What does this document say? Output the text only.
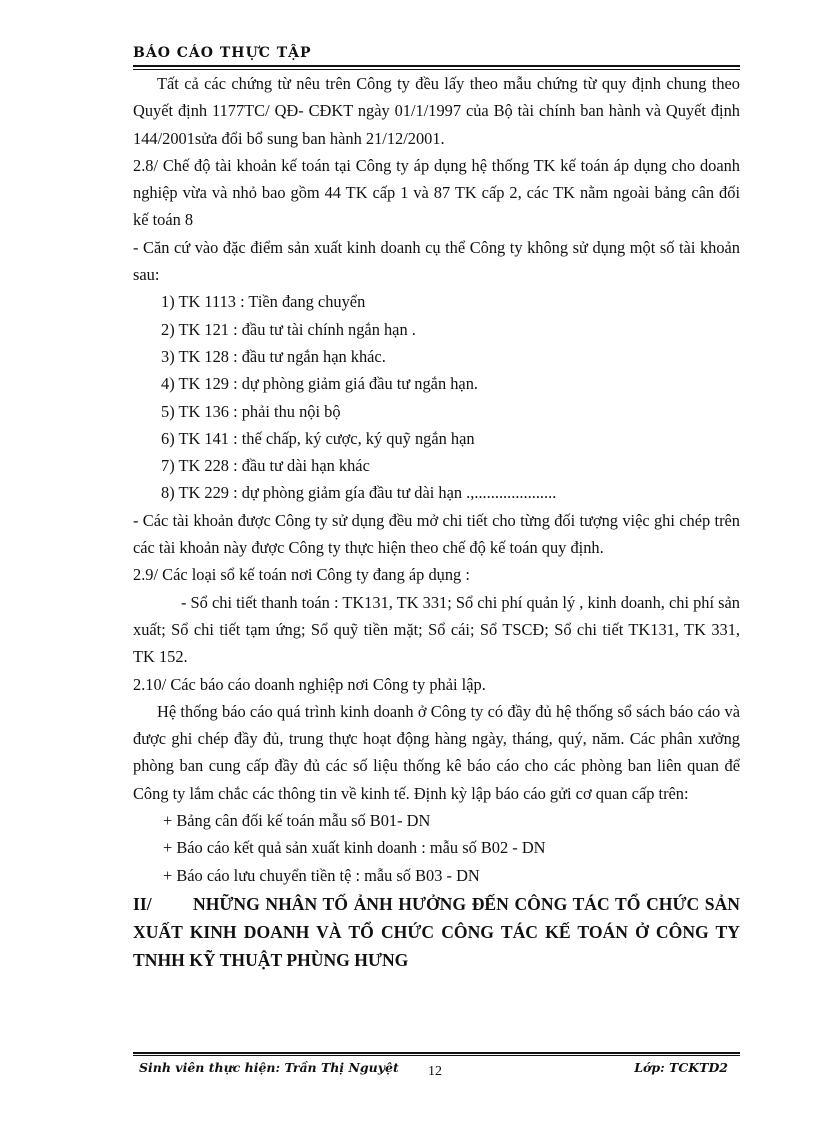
BÁO CÁO THỰC TẬP

Tất cả các chứng từ nêu trên Công ty đều lấy theo mẫu chứng từ quy định chung theo Quyết định 1177TC/ QĐ- CĐKT ngày 01/1/1997 của Bộ tài chính ban hành và Quyết định 144/2001sửa đổi bổ sung ban hành 21/12/2001.

2.8/ Chế độ tài khoản kế toán tại Công ty áp dụng hệ thống TK kế toán áp dụng cho doanh nghiệp vừa và nhỏ bao gồm 44 TK cấp 1 và 87 TK cấp 2, các TK nằm ngoài bảng cân đối kế toán 8

- Căn cứ vào đặc điểm sản xuất kinh doanh cụ thể Công ty không sử dụng một số tài khoản sau:

1) TK 1113 : Tiền đang chuyển
2) TK 121 : đầu tư tài chính ngắn hạn .
3) TK 128 : đầu tư ngắn hạn khác.
4) TK 129 : dự phòng giảm giá đầu tư ngắn hạn.
5) TK 136 : phải thu nội bộ
6) TK 141 : thế chấp, ký cược, ký quỹ ngắn hạn
7) TK 228 : đầu tư dài hạn khác
8) TK 229 : dự phòng giảm gía đầu tư dài hạn .,....................

- Các tài khoản được Công ty sử dụng đều mở chi tiết cho từng đối tượng việc ghi chép trên các tài khoản này được Công ty thực hiện theo chế độ kế toán quy định.

2.9/ Các loại sổ kế toán nơi Công ty đang áp dụng :

- Sổ chi tiết thanh toán : TK131, TK 331; Sổ chi phí quản lý , kinh doanh, chi phí sản xuất; Sổ chi tiết tạm ứng; Sổ quỹ tiền mặt; Sổ cái; Sổ TSCĐ; Sổ chi tiết TK131, TK 331, TK 152.

2.10/ Các báo cáo doanh nghiệp nơi Công ty phải lập.

Hệ thống báo cáo quá trình kinh doanh ở Công ty có đầy đủ hệ thống sổ sách báo cáo và được ghi chép đầy đủ, trung thực hoạt động hàng ngày, tháng, quý, năm. Các phân xưởng phòng ban cung cấp đầy đủ các số liệu thống kê báo cáo cho các phòng ban liên quan để Công ty lắm chắc các thông tin về kinh tế. Định kỳ lập báo cáo gửi cơ quan cấp trên:

+ Bảng cân đối kế toán mẫu số B01- DN
+ Báo cáo kết quả sản xuất kinh doanh : mẫu số B02 - DN
+ Báo cáo lưu chuyển tiền tệ : mẫu số B03 - DN

II/ NHỮNG NHÂN TỐ ẢNH HƯỞNG ĐẾN CÔNG TÁC TỔ CHỨC SẢN XUẤT KINH DOANH VÀ TỔ CHỨC CÔNG TÁC KẾ TOÁN Ở CÔNG TY TNHH KỸ THUẬT PHÙNG HƯNG

Sinh viên thực hiện: Trần Thị Nguyệt 12	Lớp: TCKTD2
